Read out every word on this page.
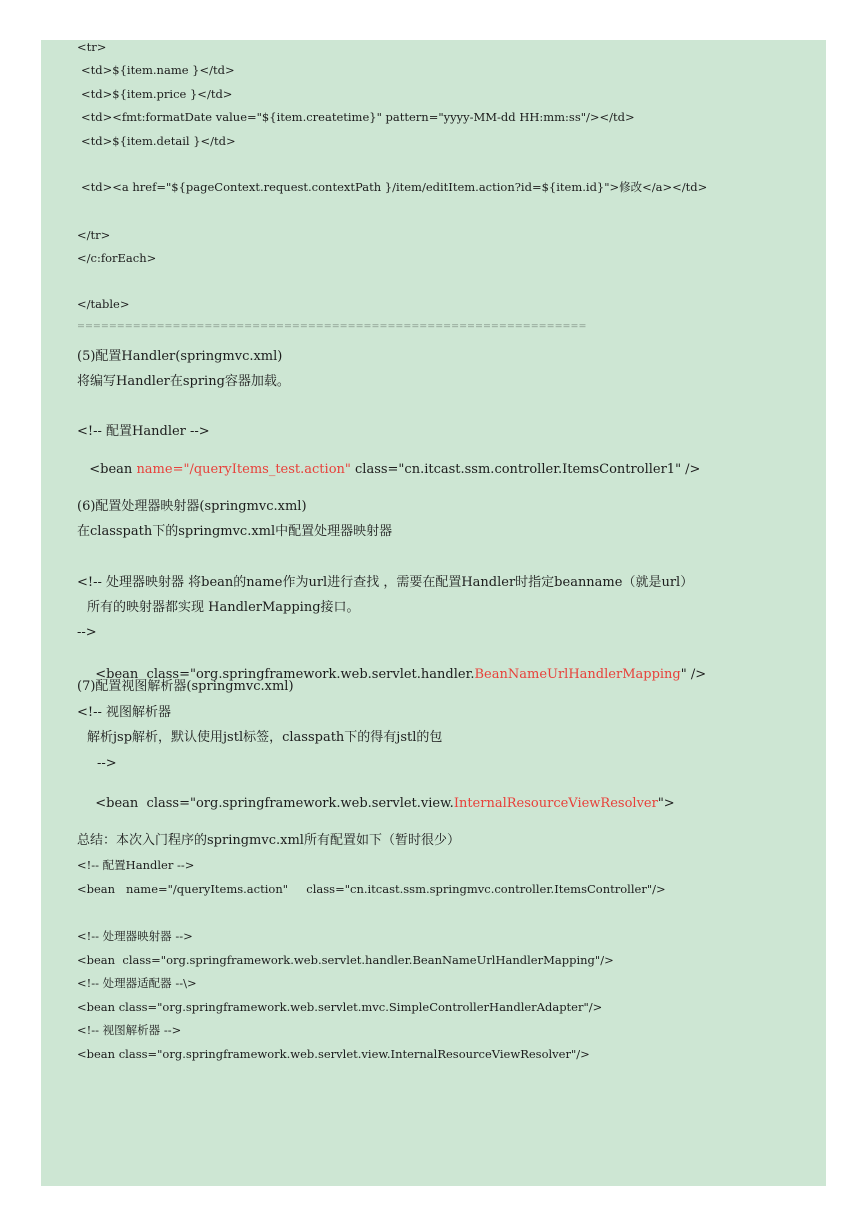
<tr>
<td>${item.name }</td>
<td>${item.price }</td>
<td><fmt:formatDate value="${item.createtime}" pattern="yyyy-MM-dd HH:mm:ss"/></td>
<td>${item.detail }</td>
<td><a href="${pageContext.request.contextPath }/item/editItem.action?id=${item.id}">修改</a></td>
</tr>
</c:forEach>
</table>
================================================================
(5)配置Handler(springmvc.xml)
将编写Handler在spring容器加载。
<!-- 配置Handler -->

<bean name="/queryItems_test.action" class="cn.itcast.ssm.controller.ItemsController1" />

(6)配置处理器映射器(springmvc.xml)
在classpath下的springmvc.xml中配置处理器映射器
<!-- 处理器映射器 将bean的name作为url进行查找 ，需要在配置Handler时指定beanname（就是url）
所有的映射器都实现 HandlerMapping接口。
-->

<bean  class="org.springframework.web.servlet.handler.BeanNameUrlHandlerMapping" />

(7)配置视图解析器(springmvc.xml)
<!-- 视图解析器
解析jsp解析，默认使用jstl标签，classpath下的得有jstl的包
-->

<bean  class="org.springframework.web.servlet.view.InternalResourceViewResolver">

总结：本次入门程序的springmvc.xml所有配置如下（暂时很少）
<!-- 配置Handler -->
<bean   name="/queryItems.action"     class="cn.itcast.ssm.springmvc.controller.ItemsController"/>
<!-- 处理器映射器 -->
<bean  class="org.springframework.web.servlet.handler.BeanNameUrlHandlerMapping"/>
<!-- 处理器适配器 --\>
<bean class="org.springframework.web.servlet.mvc.SimpleControllerHandlerAdapter"/>
<!-- 视图解析器 -->
<bean class="org.springframework.web.servlet.view.InternalResourceViewResolver"/>
